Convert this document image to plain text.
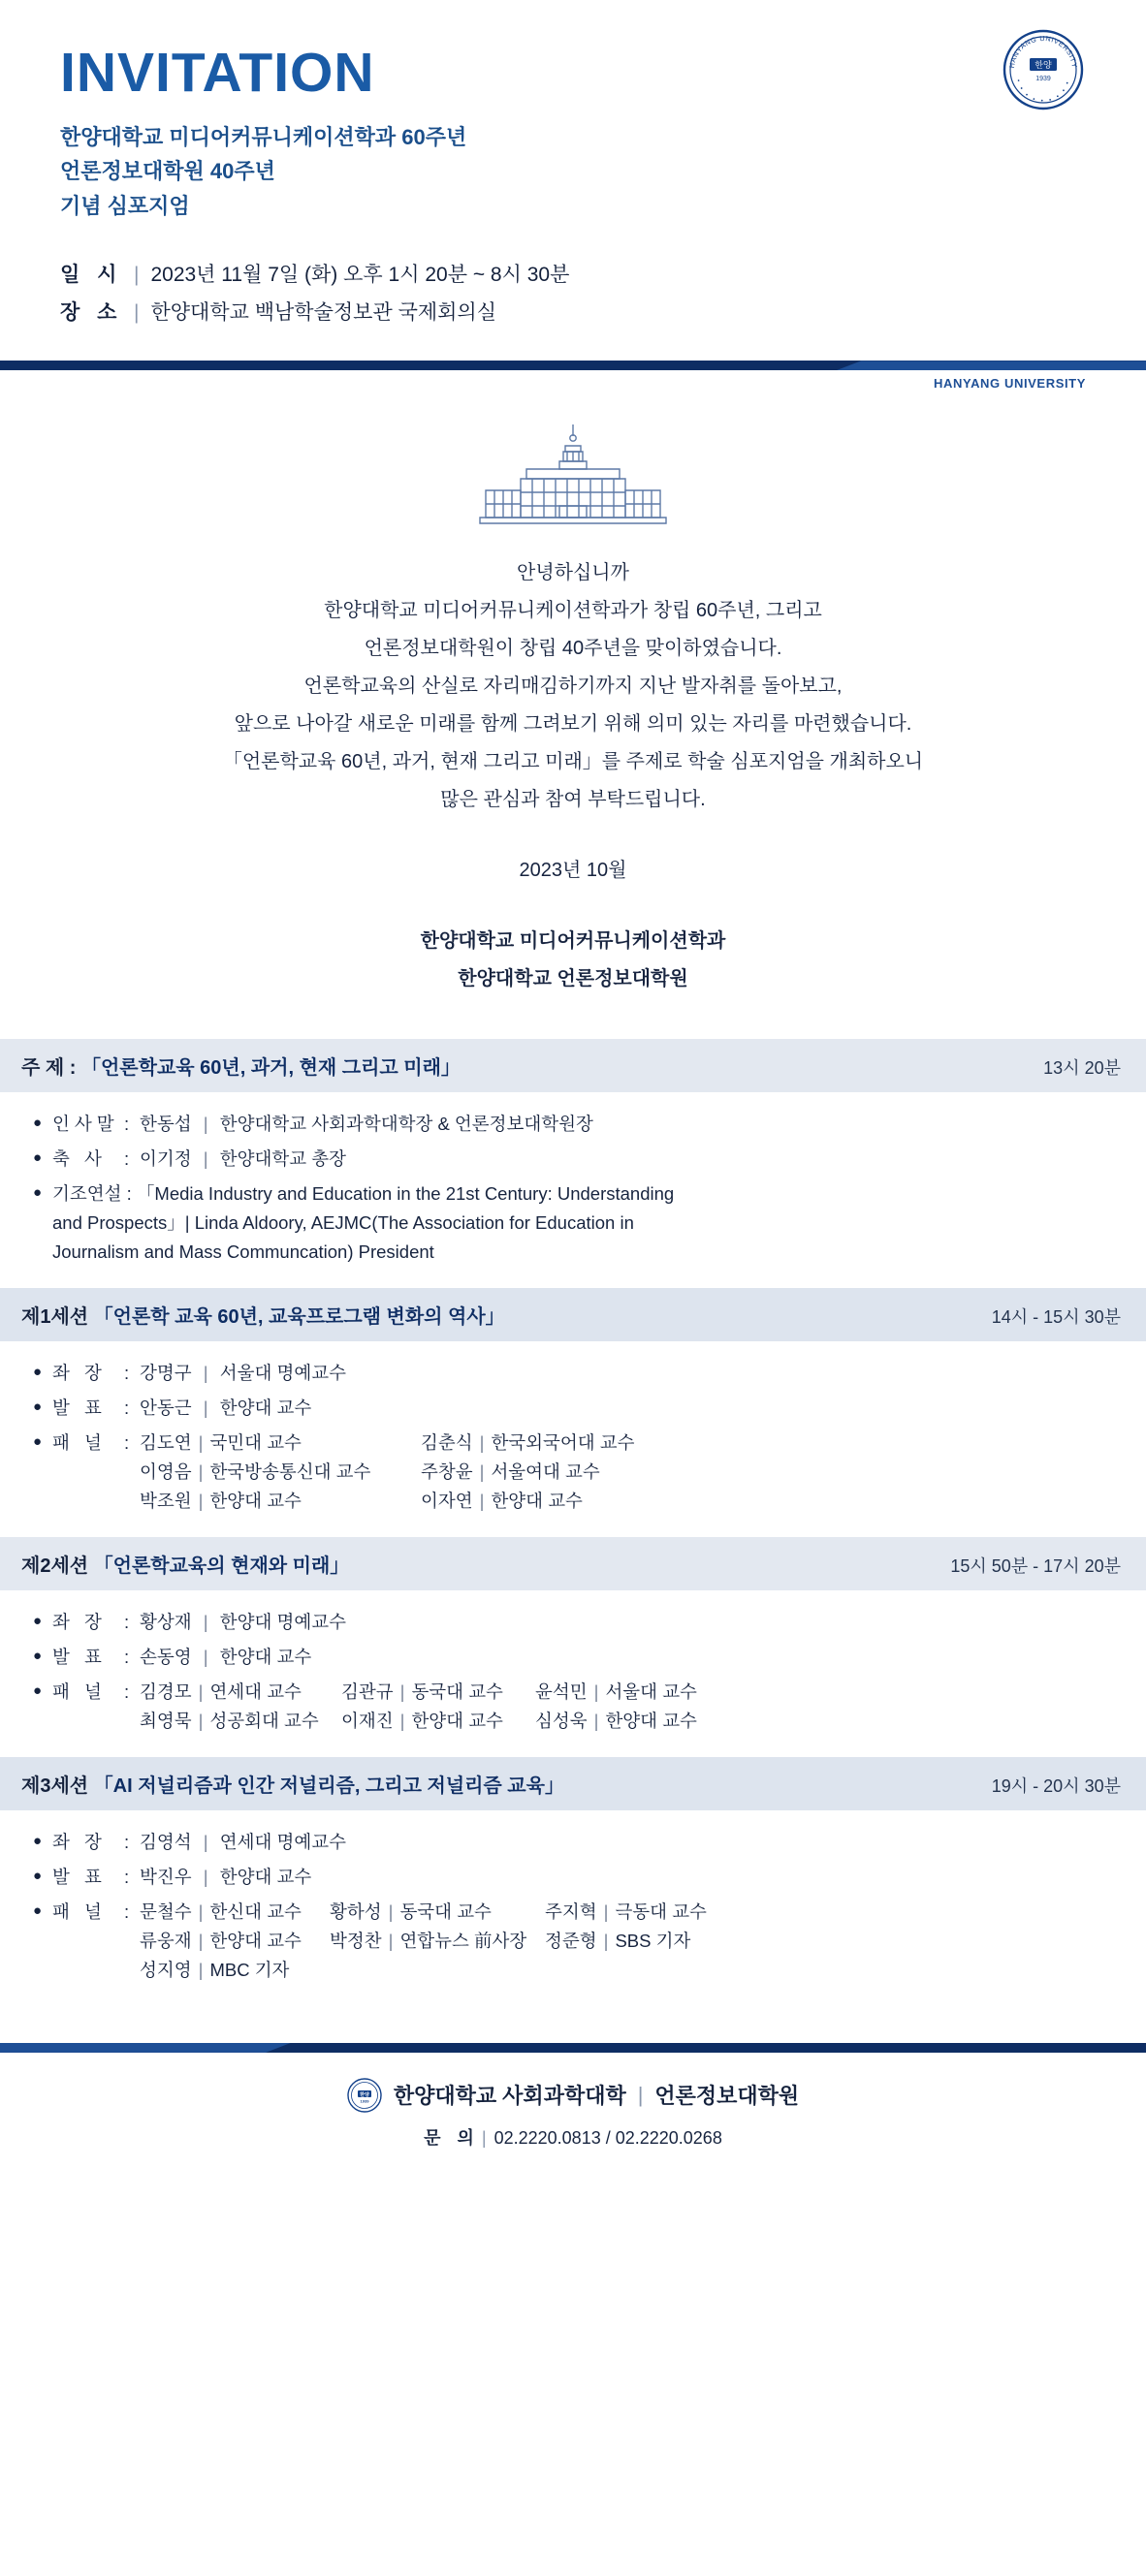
HANYANG UNIVERSITY
• • • • • • • • •
한양
1939
INVITATION
한양대학교 미디어커뮤니케이션학과 60주년
언론정보대학원 40주년
기념 심포지엄
일 시 | 2023년 11월 7일 (화) 오후 1시 20분 ~ 8시 30분
장 소 | 한양대학교 백남학술정보관 국제회의실
HANYANG UNIVERSITY

안녕하십니까

한양대학교 미디어커뮤니케이션학과가 창립 60주년, 그리고

언론정보대학원이 창립 40주년을 맞이하였습니다.

언론학교육의 산실로 자리매김하기까지 지난 발자취를 돌아보고,

앞으로 나아갈 새로운 미래를 함께 그려보기 위해 의미 있는 자리를 마련했습니다.

「언론학교육 60년, 과거, 현재 그리고 미래」를 주제로 학술 심포지엄을 개최하오니

많은 관심과 참여 부탁드립니다.

2023년 10월

한양대학교 미디어커뮤니케이션학과

한양대학교 언론정보대학원

주 제 : 「언론학교육 60년, 과거, 현재 그리고 미래」	13시 20분
●
인사말 : 한동섭 | 한양대학교 사회과학대학장 & 언론정보대학원장
●
축 사 : 이기정 | 한양대학교 총장
●
기조연설 : 「Media Industry and Education in the 21st Century: Understanding
and Prospects」| Linda Aldoory, AEJMC(The Association for Education in
Journalism and Mass Communcation) President
제1세션 「언론학 교육 60년, 교육프로그램 변화의 역사」	14시 - 15시 30분
●
좌 장 : 강명구 | 서울대 명예교수
●
발 표 : 안동근 | 한양대 교수
●
패 널 : 김도연 | 국민대 교수	김춘식 | 한국외국어대 교수
이영음 | 한국방송통신대 교수	주창윤 | 서울여대 교수
박조원 | 한양대 교수	이자연 | 한양대 교수
제2세션 「언론학교육의 현재와 미래」	15시 50분 - 17시 20분
●
좌 장 : 황상재 | 한양대 명예교수
●
발 표 : 손동영 | 한양대 교수
●
패 널 : 김경모 | 연세대 교수	김관규 | 동국대 교수	윤석민 | 서울대 교수
최영묵 | 성공회대 교수	이재진 | 한양대 교수	심성욱 | 한양대 교수
제3세션 「AI 저널리즘과 인간 저널리즘, 그리고 저널리즘 교육」	19시 - 20시 30분
●
좌 장 : 김영석 | 연세대 명예교수
●
발 표 : 박진우 | 한양대 교수
●
패 널 : 문철수 | 한신대 교수	황하성 | 동국대 교수	주지혁 | 극동대 교수
류웅재 | 한양대 교수	박정찬 | 연합뉴스 前사장	정준형 | SBS 기자
성지영 | MBC 기자
한양
1939 한양대학교 사회과학대학 | 언론정보대학원
문 의 | 02.2220.0813 / 02.2220.0268
